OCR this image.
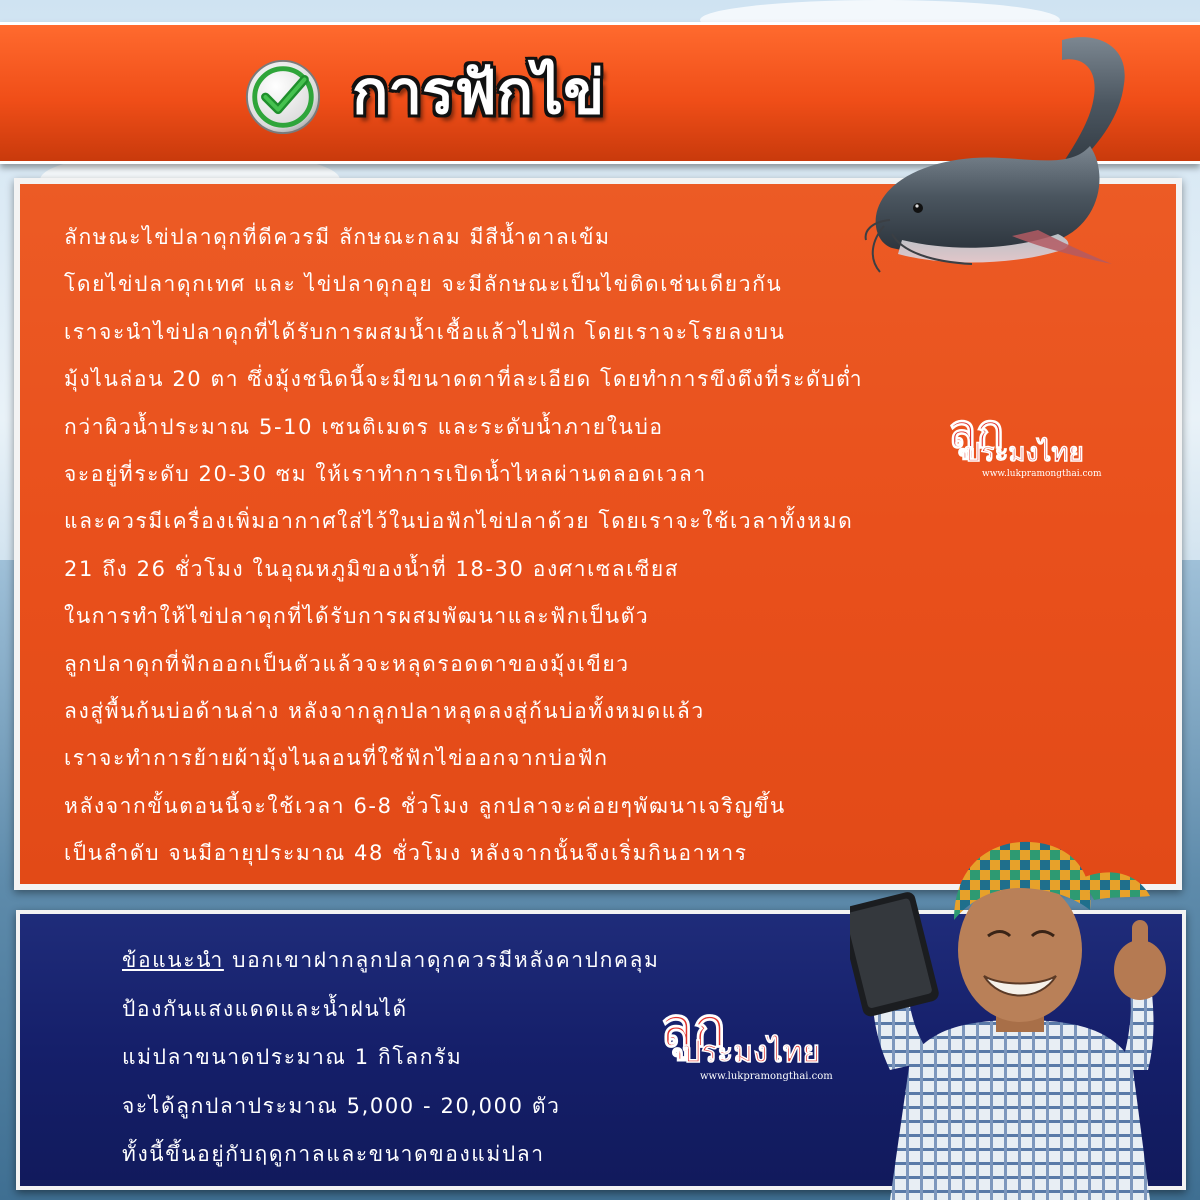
การฟักไข่
ลักษณะไข่ปลาดุกที่ดีควรมี ลักษณะกลม มีสีน้ำตาลเข้ม
โดยไข่ปลาดุกเทศ และ ไข่ปลาดุกอุย จะมีลักษณะเป็นไข่ติดเช่นเดียวกัน
เราจะนำไข่ปลาดุกที่ได้รับการผสมน้ำเชื้อแล้วไปฟัก โดยเราจะโรยลงบน
มุ้งไนล่อน 20 ตา ซึ่งมุ้งชนิดนี้จะมีขนาดตาที่ละเอียด โดยทำการขึงตึงที่ระดับต่ำ
กว่าผิวน้ำประมาณ 5-10 เซนติเมตร และระดับน้ำภายในบ่อ
จะอยู่ที่ระดับ 20-30 ซม ให้เราทำการเปิดน้ำไหลผ่านตลอดเวลา
และควรมีเครื่องเพิ่มอากาศใส่ไว้ในบ่อฟักไข่ปลาด้วย โดยเราจะใช้เวลาทั้งหมด
21 ถึง 26 ชั่วโมง ในอุณหภูมิของน้ำที่ 18-30 องศาเซลเซียส
ในการทำให้ไข่ปลาดุกที่ได้รับการผสมพัฒนาและฟักเป็นตัว
ลูกปลาดุกที่ฟักออกเป็นตัวแล้วจะหลุดรอดตาของมุ้งเขียว
ลงสู่พื้นก้นบ่อด้านล่าง หลังจากลูกปลาหลุดลงสู่ก้นบ่อทั้งหมดแล้ว
เราจะทำการย้ายผ้ามุ้งไนลอนที่ใช้ฟักไข่ออกจากบ่อฟัก
หลังจากขั้นตอนนี้จะใช้เวลา 6-8 ชั่วโมง ลูกปลาจะค่อยๆพัฒนาเจริญขึ้น
เป็นลำดับ จนมีอายุประมาณ 48 ชั่วโมง หลังจากนั้นจึงเริ่มกินอาหาร
ลูก
ประมงไทย
www.lukpramongthai.com
ข้อแนะนำ บอกเขาฝากลูกปลาดุกควรมีหลังคาปกคลุม
ป้องกันแสงแดดและน้ำฝนได้
แม่ปลาขนาดประมาณ 1 กิโลกรัม
จะได้ลูกปลาประมาณ 5,000 - 20,000 ตัว
ทั้งนี้ขึ้นอยู่กับฤดูกาลและขนาดของแม่ปลา
ลูก
ประมงไทย
www.lukpramongthai.com
